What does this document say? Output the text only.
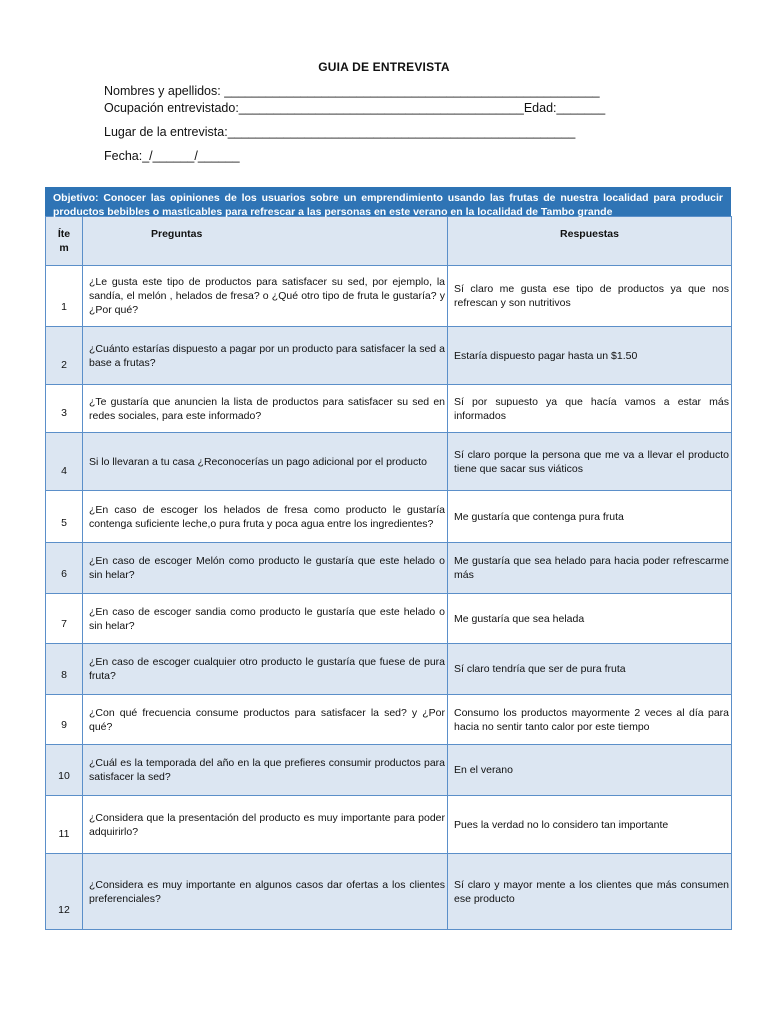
GUIA DE ENTREVISTA
Nombres y apellidos: ______________________________________________________
Ocupación entrevistado:_________________________________________Edad:_______
Lugar de la entrevista:__________________________________________________
Fecha:_/______/______
Objetivo: Conocer las opiniones de los usuarios sobre un emprendimiento usando las frutas de nuestra localidad para producir productos bebibles o masticables para refrescar a las personas en este verano en la localidad de Tambo grande
Íte m	Preguntas	Respuestas
1	¿Le gusta este tipo de productos para satisfacer su sed, por ejemplo, la sandía, el melón , helados de fresa? o ¿Qué otro tipo de fruta le gustaría? y ¿Por qué?	Sí claro me gusta ese tipo de productos ya que nos refrescan y son nutritivos
2	¿Cuánto estarías dispuesto a pagar por un producto para satisfacer la sed a base a frutas?	Estaría dispuesto pagar hasta un $1.50
3	¿Te gustaría que anuncien la lista de productos para satisfacer su sed en redes sociales, para este informado?	Sí por supuesto ya que hacía vamos a estar más informados
4	Si lo llevaran a tu casa ¿Reconocerías un pago adicional por el producto	Sí claro porque la persona que me va a llevar el producto tiene que sacar sus viáticos
5	¿En caso de escoger los helados de fresa como producto le gustaría contenga suficiente leche,o pura fruta y poca agua entre los ingredientes?	Me gustaría que contenga pura fruta
6	¿En caso de escoger Melón como producto le gustaría que este helado o sin helar?	Me gustaría que sea helado para hacia poder refrescarme más
7	¿En caso de escoger sandia como producto le gustaría que este helado o sin helar?	Me gustaría que sea helada
8	¿En caso de escoger cualquier otro producto le gustaría que fuese de pura fruta?	Sí claro tendría que ser de pura fruta
9	¿Con qué frecuencia consume productos para satisfacer la sed? y ¿Por qué?	Consumo los productos mayormente 2 veces al día para hacia no sentir tanto calor por este tiempo
10	¿Cuál es la temporada del año en la que prefieres consumir productos para satisfacer la sed?	En el verano
11	¿Considera que la presentación del producto es muy importante para poder adquirirlo?	Pues la verdad no lo considero tan importante
12	¿Considera es muy importante en algunos casos dar ofertas a los clientes preferenciales?	Sí claro y mayor mente a los clientes que más consumen ese producto
